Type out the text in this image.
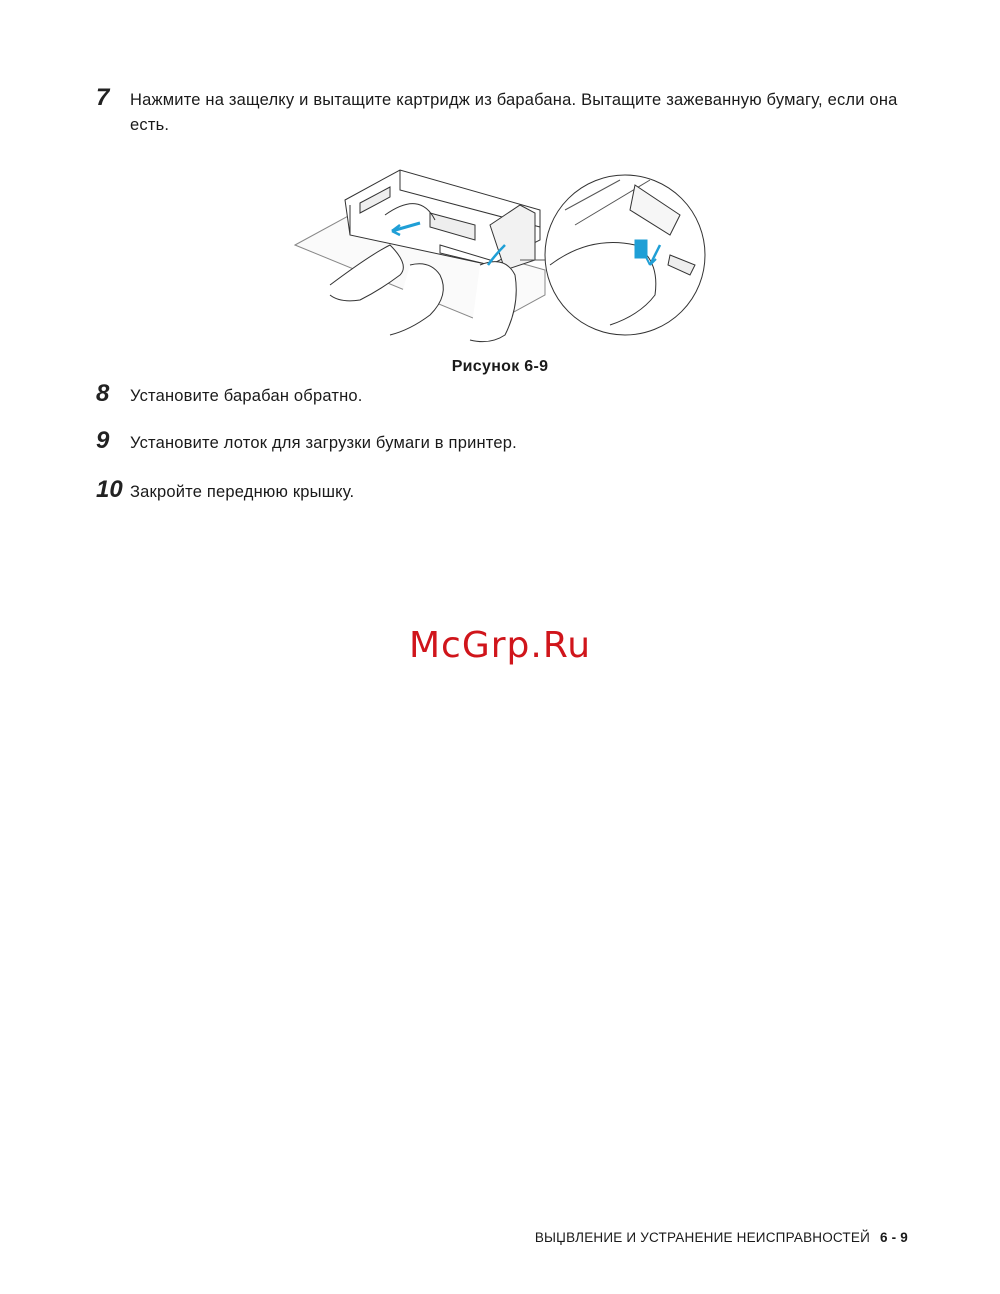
7	Нажмите на защелку и вытащите картридж из барабана. Вытащите зажеванную бумагу, если она есть.
Рисунок 6-9
8	Установите барабан обратно.
9	Установите лоток для загрузки бумаги в принтер.
10 Закройте переднюю крышку.
McGrp.Ru
ВЫЏВЛЕНИЕ И УСТРАНЕНИЕ НЕИСПРАВНОСТЕЙ 6 - 9
